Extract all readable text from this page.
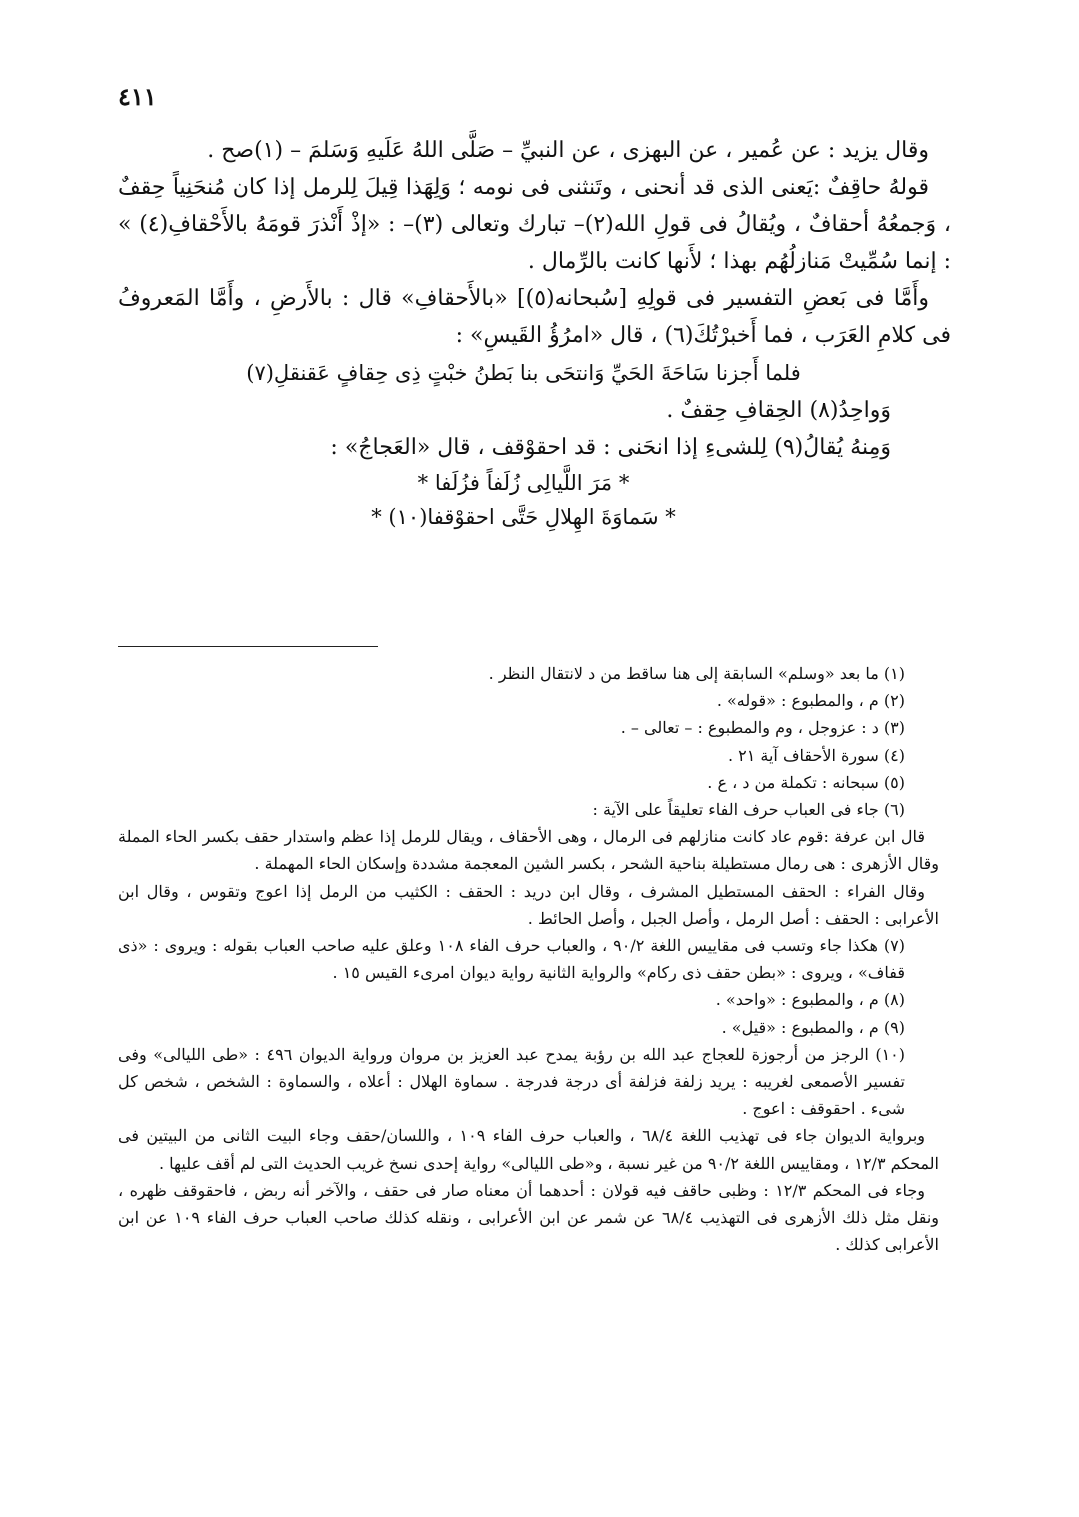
٤١١

وقال يزيد : عن عُمير ، عن البهزى ، عن النبيِّ – صَلَّى اللهُ عَلَيهِ وَسَلمَ – (١)صح .

قولهُ حاقِفٌ :يَعنى الذى قد أنحنى ، وتَنثنى فى نومه ؛ وَلِهَذا قِيلَ لِلرمل إذا كان مُنحَنِياً حِقفٌ ، وَجمعُهُ أحقافٌ ، ويُقالُ فى قولِ الله(٢)– تبارك وتعالى (٣)– : «إذْ أَنْذرَ قومَهُ بالأَحْقافِ(٤) » : إنما سُمِّيتْ مَنازلُهُم بهذا ؛ لأَنها كانت بالرِّمال .

وأَمَّا فى بَعضِ التفسير فى قولِهِ [سُبحانه(٥)] «بالأَحقافِ» قال : بالأَرضِ ، وأَمَّا المَعروفُ فى كلامِ العَرَب ، فما أَخبرْتُكَ(٦) ، قال «امرُؤُ القَيسِ» :

فلما أَجزنا سَاحَةَ الحَيِّ وَانتحَى بنا بَطنُ خبْتٍ ذِى حِقافٍ عَقنقلِ(٧)

وَواحِدُ(٨) الحِقافِ حِقفٌ .

وَمِنهُ يُقالُ(٩) لِلشىءِ إذا انحَنى : قد احقوْقف ، قال «العَجاجُ» :

* مَرَ اللَّيالِى زُلَفاً فزُلَفا *

* سَماوَةَ الهِلالِ حَتَّى احقوْقفا(١٠) *

(١) ما بعد «وسلم» السابقة إلى هنا ساقط من د لانتقال النظر .

(٢) م ، والمطبوع : «قوله» .

(٣) د : عزوجل ، وم والمطبوع : – تعالى – .

(٤) سورة الأحقاف آية ٢١ .

(٥) سبحانه : تكملة من د ، ع .

(٦) جاء فى العباب حرف الفاء تعليقاً على الآية :

قال ابن عرفة :قوم عاد كانت منازلهم فى الرمال ، وهى الأحقاف ، ويقال للرمل إذا عظم واستدار حقف بكسر الحاء المملة وقال الأزهرى : هى رمال مستطيلة بناحية الشحر ، بكسر الشين المعجمة مشددة وإسكان الحاء المهملة .

وقال الفراء : الحقف المستطيل المشرف ، وقال ابن دريد : الحقف : الكثيب من الرمل إذا اعوج وتقوس ، وقال ابن الأعرابى : الحقف : أصل الرمل ، وأصل الجبل ، وأصل الحائط .

(٧) هكذا جاء وتسب فى مقاييس اللغة ٩٠/٢ ، والعباب حرف الفاء ١٠٨ وعلق عليه صاحب العباب بقوله : ويروى : «ذى قفاف» ، ويروى : «بطن حقف ذى ركام» والرواية الثانية رواية ديوان امرىء القيس ١٥ .

(٨) م ، والمطبوع : «واحد» .

(٩) م ، والمطبوع : «قيل» .

(١٠) الرجز من أرجوزة للعجاج عبد الله بن رؤبة يمدح عبد العزيز بن مروان ورواية الديوان ٤٩٦ : «طى الليالى» وفى تفسير الأصمعى لغريبه : يريد زلفة فزلفة أى درجة فدرجة . سماوة الهلال : أعلاه ، والسماوة : الشخص ، شخص كل شىء . احقوقف : اعوج .

وبرواية الديوان جاء فى تهذيب اللغة ٦٨/٤ ، والعباب حرف الفاء ١٠٩ ، واللسان/حقف وجاء البيت الثانى من البيتين فى المحكم ١٢/٣ ، ومقاييس اللغة ٩٠/٢ من غير نسبة ، و«طى الليالى» رواية إحدى نسخ غريب الحديث التى لم أقف عليها .

وجاء فى المحكم ١٢/٣ : وظبى حاقف فيه قولان : أحدهما أن معناه صار فى حقف ، والآخر أنه ربض ، فاحقوقف ظهره ، ونقل مثل ذلك الأزهرى فى التهذيب ٦٨/٤ عن شمر عن ابن الأعرابى ، ونقله كذلك صاحب العباب حرف الفاء ١٠٩ عن ابن الأعرابى كذلك .
